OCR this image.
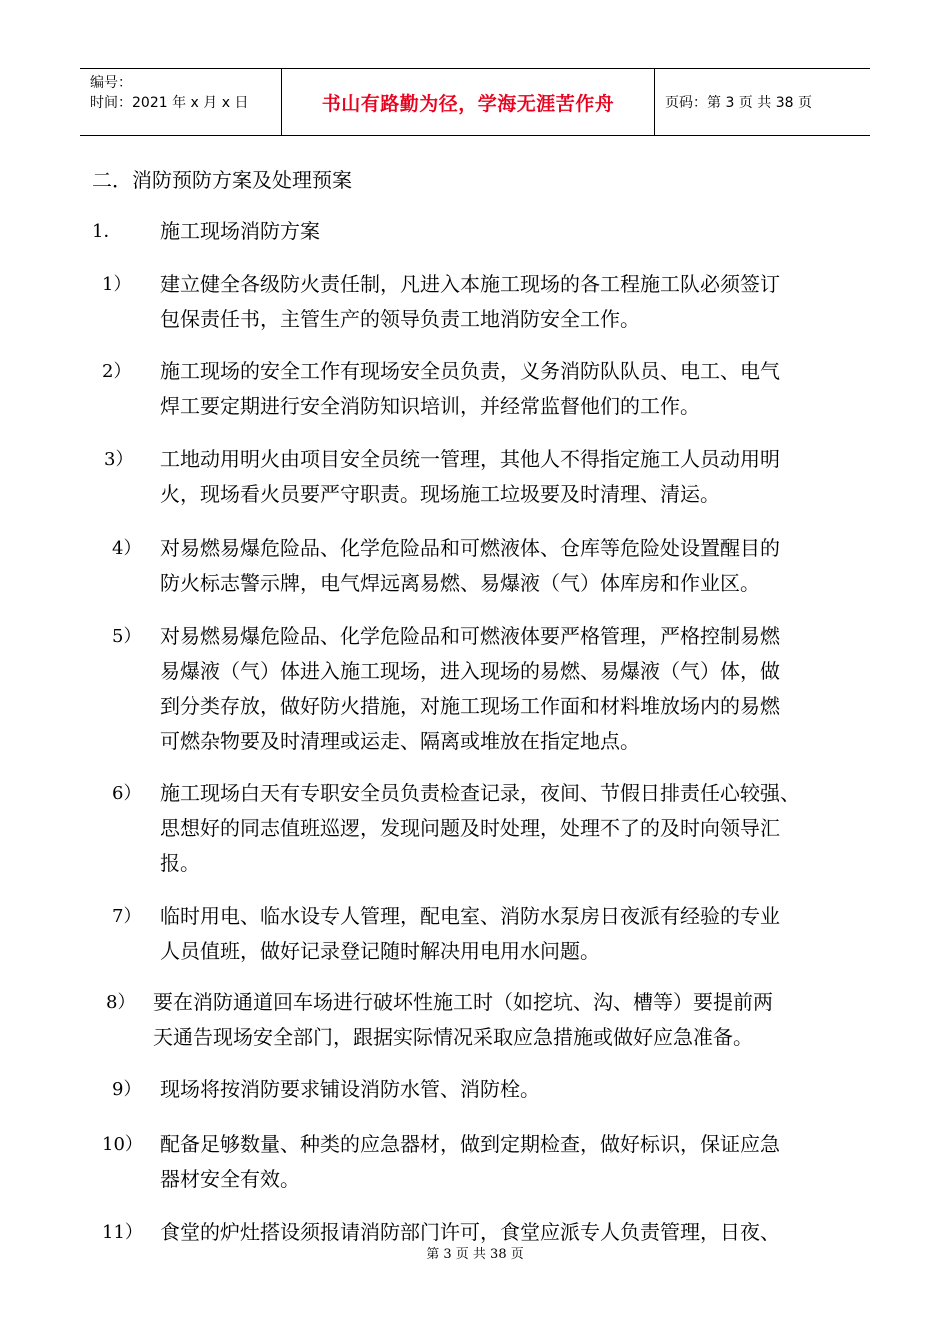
编号：
时间：2021 年 x 月 x 日	书山有路勤为径，学海无涯苦作舟	页码：第 3 页 共 38 页
二．消防预防方案及处理预案
1． 施工现场消防方案
1） 建立健全各级防火责任制，凡进入本施工现场的各工程施工队必须签订
包保责任书，主管生产的领导负责工地消防安全工作。
2） 施工现场的安全工作有现场安全员负责，义务消防队队员、电工、电气
焊工要定期进行安全消防知识培训，并经常监督他们的工作。
3） 工地动用明火由项目安全员统一管理，其他人不得指定施工人员动用明
火，现场看火员要严守职责。现场施工垃圾要及时清理、清运。
4） 对易燃易爆危险品、化学危险品和可燃液体、仓库等危险处设置醒目的
防火标志警示牌，电气焊远离易燃、易爆液（气）体库房和作业区。
5） 对易燃易爆危险品、化学危险品和可燃液体要严格管理，严格控制易燃
易爆液（气）体进入施工现场，进入现场的易燃、易爆液（气）体，做
到分类存放，做好防火措施，对施工现场工作面和材料堆放场内的易燃
可燃杂物要及时清理或运走、隔离或堆放在指定地点。
6） 施工现场白天有专职安全员负责检查记录，夜间、节假日排责任心较强、
思想好的同志值班巡逻，发现问题及时处理，处理不了的及时向领导汇
报。
7） 临时用电、临水设专人管理，配电室、消防水泵房日夜派有经验的专业
人员值班，做好记录登记随时解决用电用水问题。
8） 要在消防通道回车场进行破坏性施工时（如挖坑、沟、槽等）要提前两
天通告现场安全部门，跟据实际情况采取应急措施或做好应急准备。
9） 现场将按消防要求铺设消防水管、消防栓。
10） 配备足够数量、种类的应急器材，做到定期检查，做好标识，保证应急
器材安全有效。
11） 食堂的炉灶搭设须报请消防部门许可，食堂应派专人负责管理，日夜、
第 3 页 共 38 页
